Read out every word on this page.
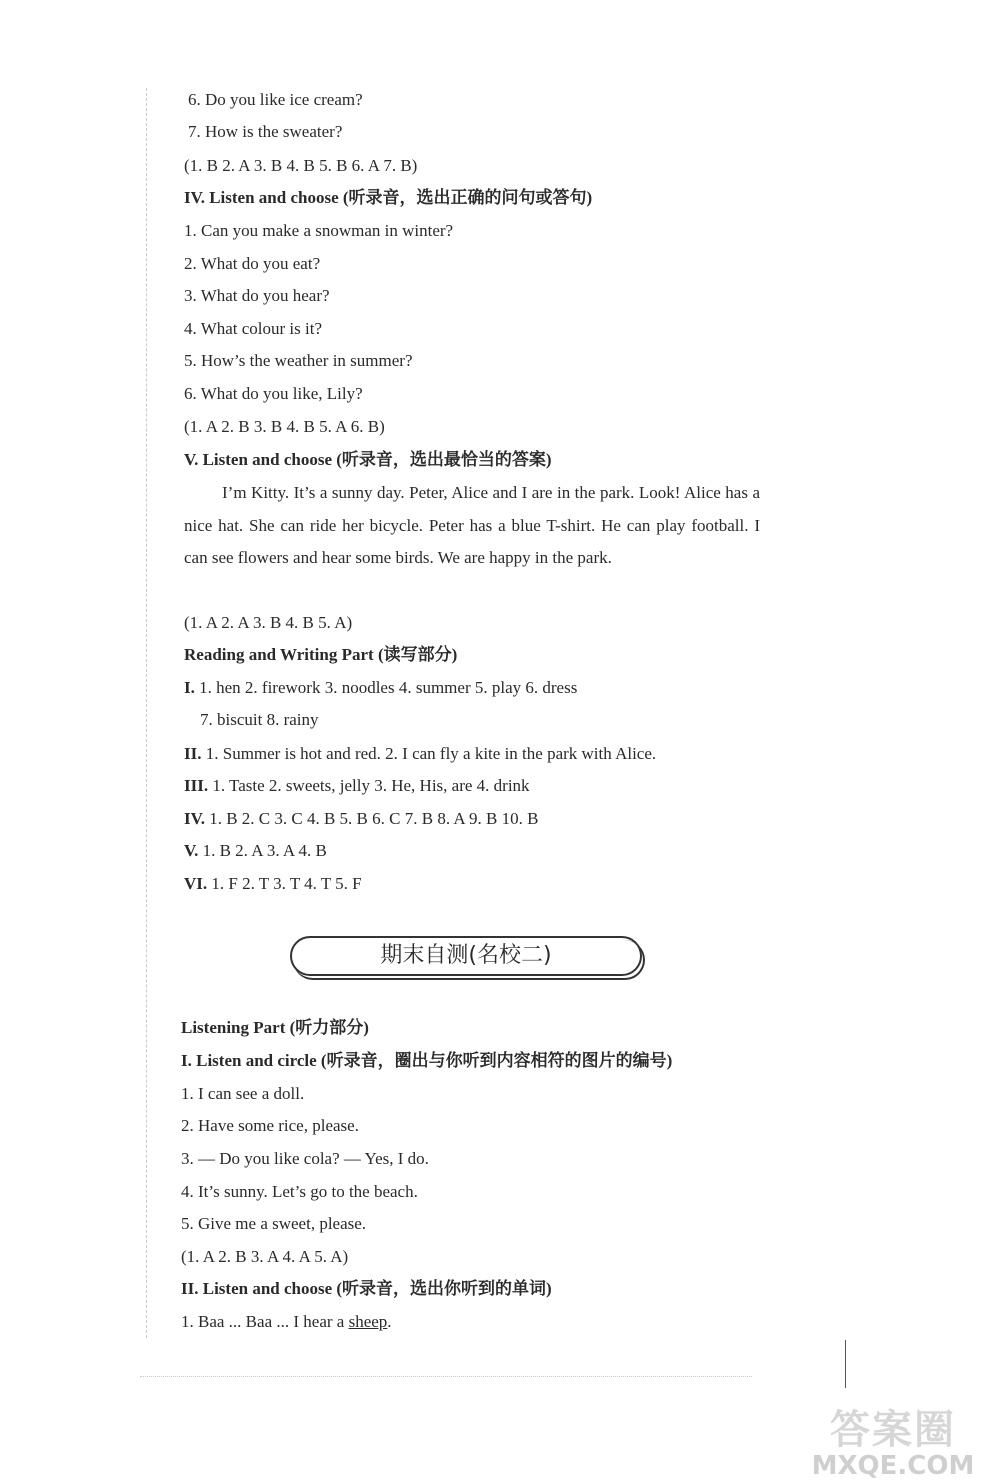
6. Do you like ice cream?
7. How is the sweater?
(1. B 2. A 3. B 4. B 5. B 6. A 7. B)
IV. Listen and choose (听录音，选出正确的问句或答句)
1. Can you make a snowman in winter?
2. What do you eat?
3. What do you hear?
4. What colour is it?
5. How’s the weather in summer?
6. What do you like, Lily?
(1. A 2. B 3. B 4. B 5. A 6. B)
V. Listen and choose (听录音，选出最恰当的答案)
I’m Kitty. It’s a sunny day. Peter, Alice and I are in the park. Look! Alice has a nice hat. She can ride her bicycle. Peter has a blue T-shirt. He can play football. I can see flowers and hear some birds. We are happy in the park.
(1. A 2. A 3. B 4. B 5. A)
Reading and Writing Part (读写部分)
I. 1. hen 2. firework 3. noodles 4. summer 5. play 6. dress
7. biscuit 8. rainy
II. 1. Summer is hot and red. 2. I can fly a kite in the park with Alice.
III. 1. Taste 2. sweets, jelly 3. He, His, are 4. drink
IV. 1. B 2. C 3. C 4. B 5. B 6. C 7. B 8. A 9. B 10. B
V. 1. B 2. A 3. A 4. B
VI. 1. F 2. T 3. T 4. T 5. F
期末自测(名校二)
Listening Part (听力部分)
I. Listen and circle (听录音，圈出与你听到内容相符的图片的编号)
1. I can see a doll.
2. Have some rice, please.
3. — Do you like cola? — Yes, I do.
4. It’s sunny. Let’s go to the beach.
5. Give me a sweet, please.
(1. A 2. B 3. A 4. A 5. A)
II. Listen and choose (听录音，选出你听到的单词)
1. Baa ... Baa ... I hear a sheep.
答案圈
MXQE.COM
